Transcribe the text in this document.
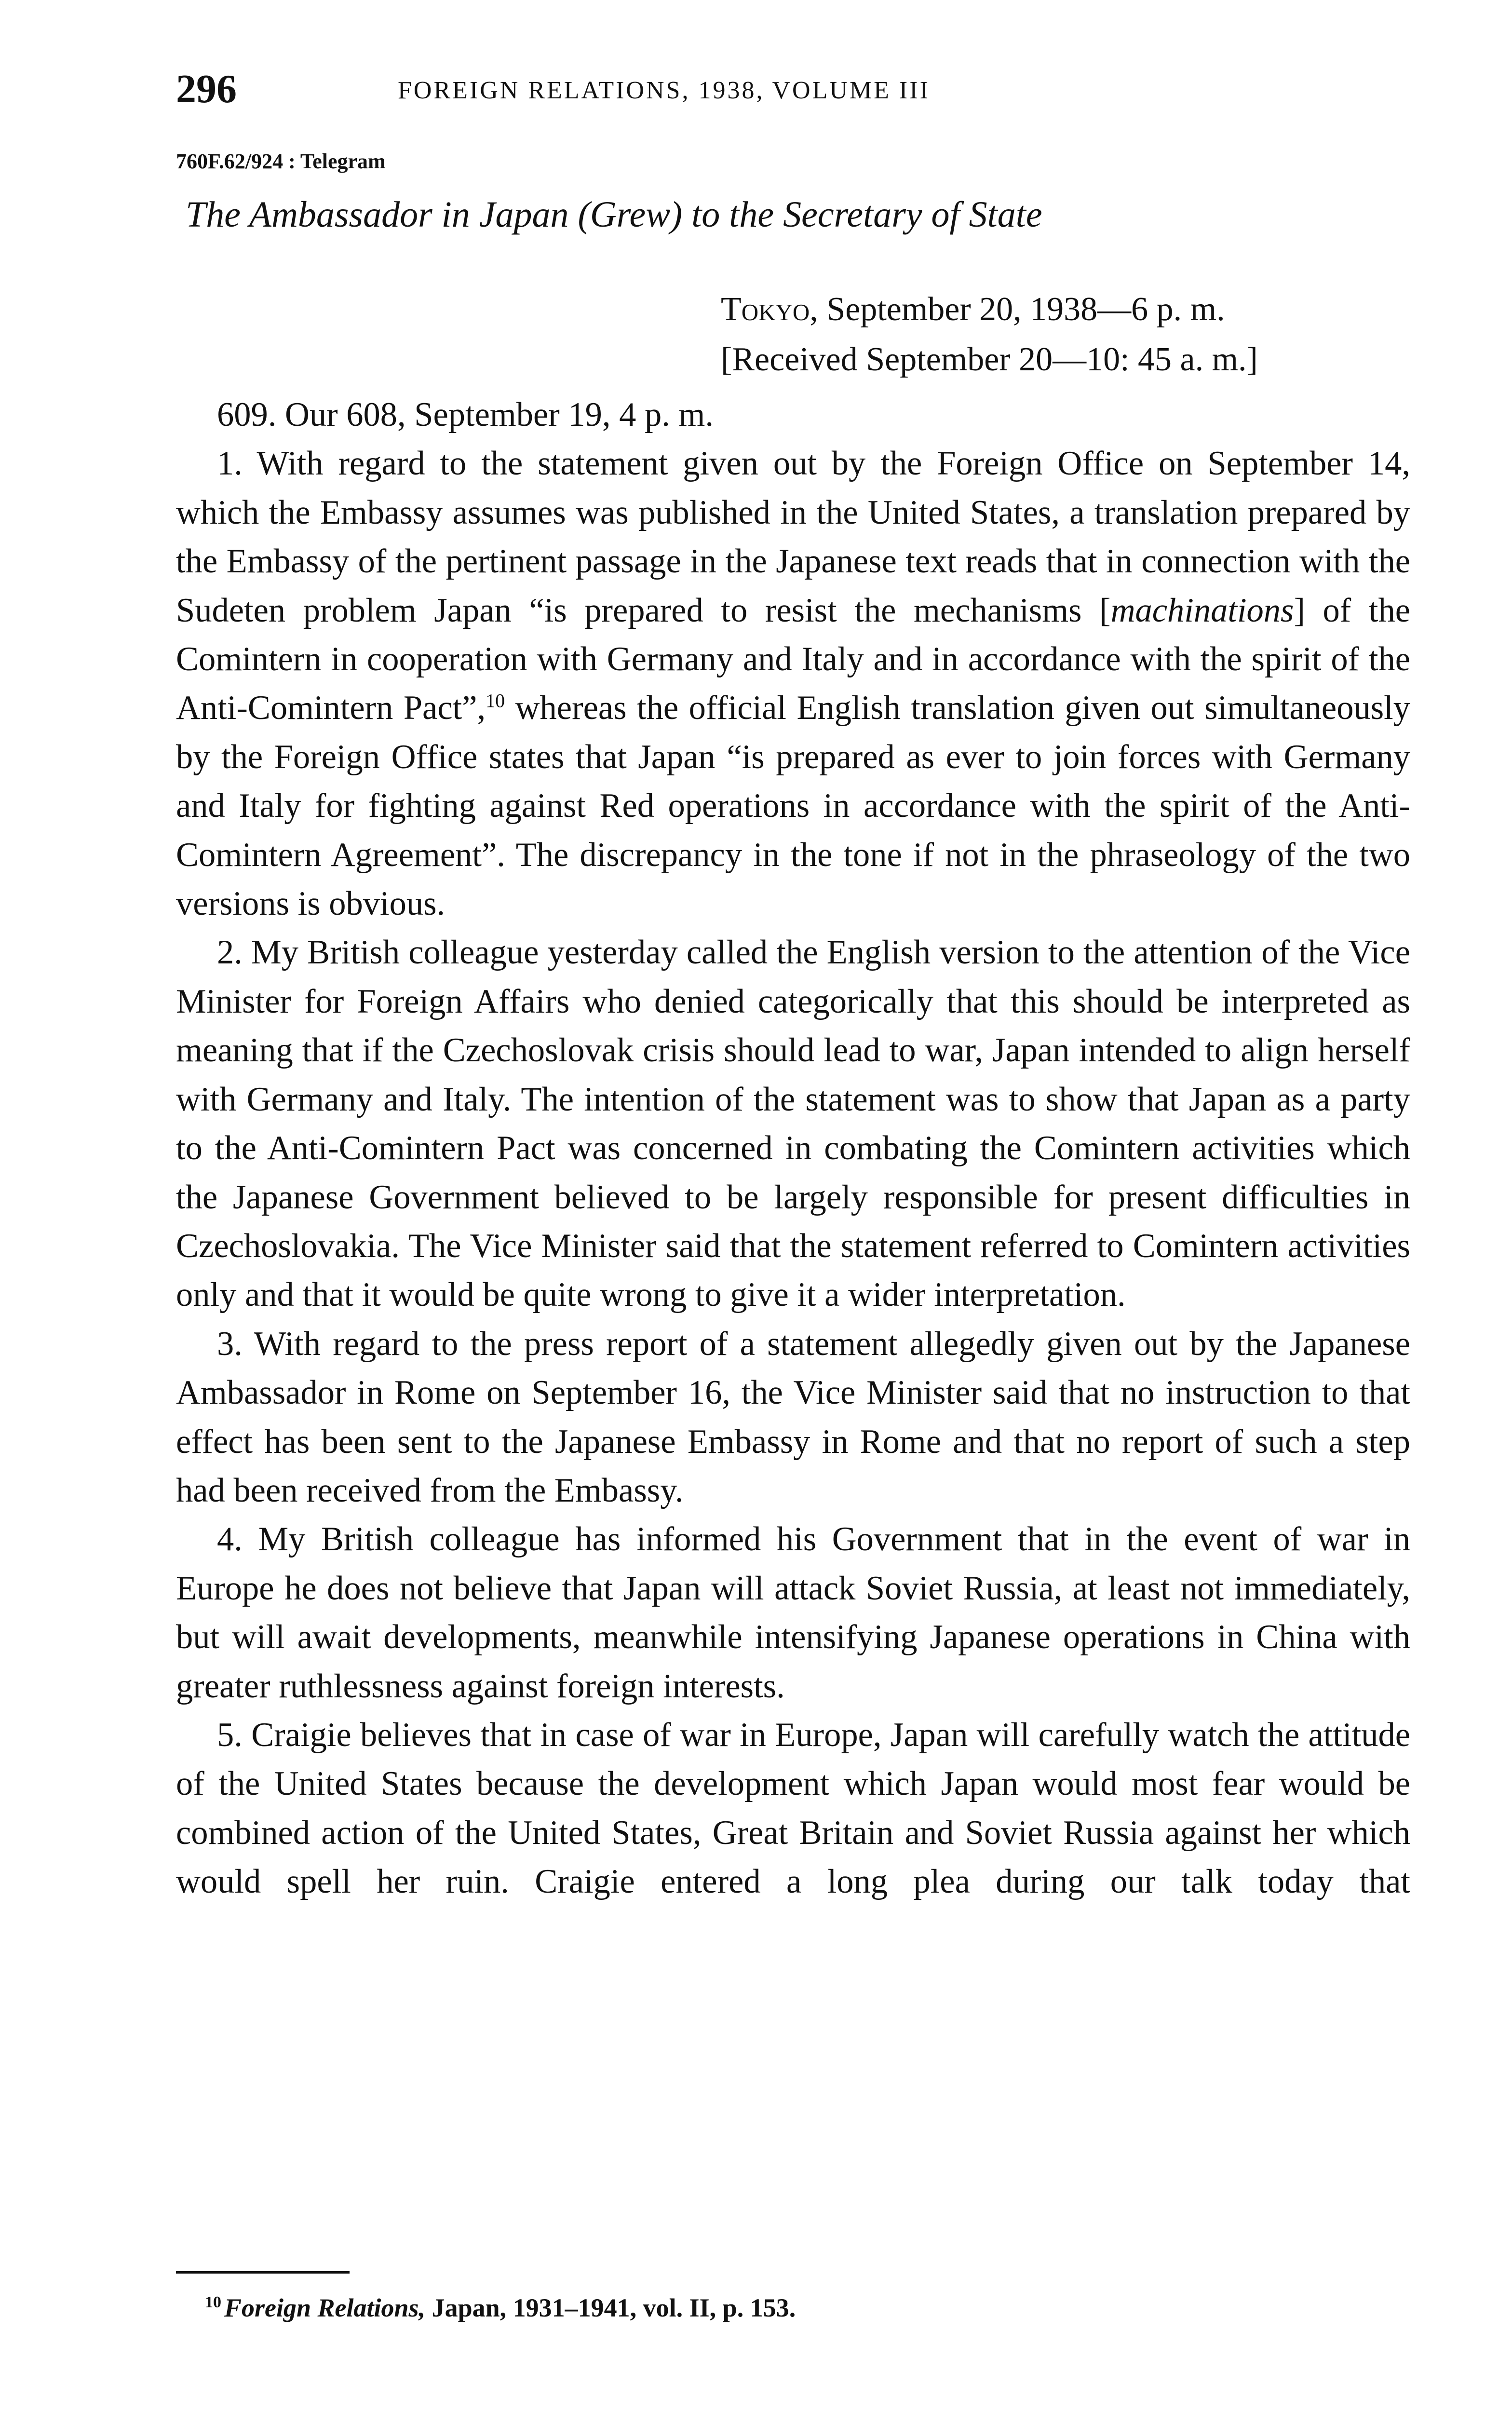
296	FOREIGN RELATIONS, 1938, VOLUME III
760F.62/924 : Telegram
The Ambassador in Japan (Grew) to the Secretary of State
Tokyo, September 20, 1938—6 p. m.
[Received September 20—10: 45 a. m.]

609. Our 608, September 19, 4 p. m.

1. With regard to the statement given out by the Foreign Office on September 14, which the Embassy assumes was published in the United States, a translation prepared by the Embassy of the pertinent passage in the Japanese text reads that in connection with the Sudeten problem Japan “is prepared to resist the mechanisms [machinations] of the Comintern in cooperation with Germany and Italy and in accordance with the spirit of the Anti-Comintern Pact”,$^{10}$ whereas the official English translation given out simultaneously by the Foreign Office states that Japan “is prepared as ever to join forces with Germany and Italy for fighting against Red operations in accordance with the spirit of the Anti-Comintern Agreement”. The discrepancy in the tone if not in the phraseology of the two versions is obvious.

2. My British colleague yesterday called the English version to the attention of the Vice Minister for Foreign Affairs who denied categorically that this should be interpreted as meaning that if the Czechoslovak crisis should lead to war, Japan intended to align herself with Germany and Italy. The intention of the statement was to show that Japan as a party to the Anti-Comintern Pact was concerned in combating the Comintern activities which the Japanese Government believed to be largely responsible for present difficulties in Czechoslovakia. The Vice Minister said that the statement referred to Comintern activities only and that it would be quite wrong to give it a wider interpretation.

3. With regard to the press report of a statement allegedly given out by the Japanese Ambassador in Rome on September 16, the Vice Minister said that no instruction to that effect has been sent to the Japanese Embassy in Rome and that no report of such a step had been received from the Embassy.

4. My British colleague has informed his Government that in the event of war in Europe he does not believe that Japan will attack Soviet Russia, at least not immediately, but will await developments, meanwhile intensifying Japanese operations in China with greater ruthlessness against foreign interests.

5. Craigie believes that in case of war in Europe, Japan will carefully watch the attitude of the United States because the development which Japan would most fear would be combined action of the United States, Great Britain and Soviet Russia against her which would spell her ruin. Craigie entered a long plea during our talk today that

$^{10}$ Foreign Relations, Japan, 1931–1941, vol. II, p. 153.
